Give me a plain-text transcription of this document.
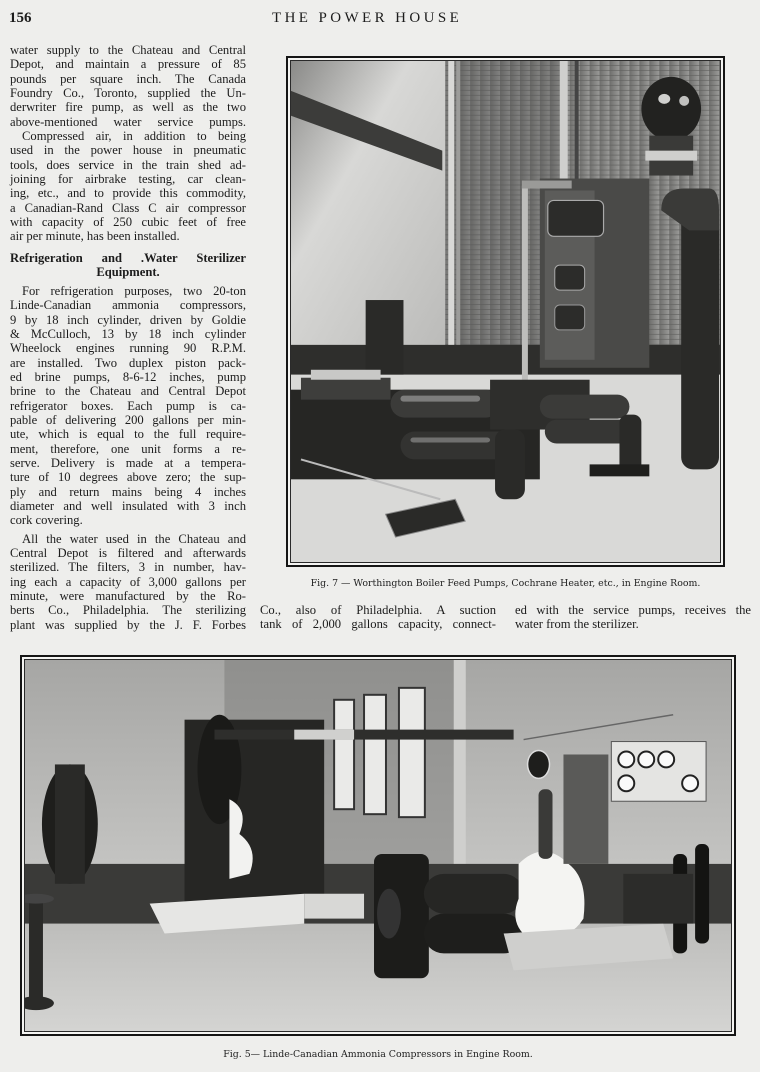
156	THE POWER HOUSE
water supply to the Chateau and Central
Depot, and maintain a pressure of 85
pounds per square inch. The Canada
Foundry Co., Toronto, supplied the Un-
derwriter fire pump, as well as the two
above-mentioned water service pumps.
Compressed air, in addition to being
used in the power house in pneumatic
tools, does service in the train shed ad-
joining for airbrake testing, car clean-
ing, etc., and to provide this commodity,
a Canadian-Rand Class C air compressor
with capacity of 250 cubic feet of free
air per minute, has been installed.
Refrigeration and .Water Sterilizer
Equipment.
For refrigeration purposes, two 20-ton
Linde-Canadian ammonia compressors,
9 by 18 inch cylinder, driven by Goldie
& McCulloch, 13 by 18 inch cylinder
Wheelock engines running 90 R.P.M.
are installed. Two duplex piston pack-
ed brine pumps, 8-6-12 inches, pump
brine to the Chateau and Central Depot
refrigerator boxes. Each pump is ca-
pable of delivering 200 gallons per min-
ute, which is equal to the full require-
ment, therefore, one unit forms a re-
serve. Delivery is made at a tempera-
ture of 10 degrees above zero; the sup-
ply and return mains being 4 inches
diameter and well insulated with 3 inch
cork covering.
All the water used in the Chateau and
Central Depot is filtered and afterwards
sterilized. The filters, 3 in number, hav-
ing each a capacity of 3,000 gallons per
minute, were manufactured by the Ro-
berts Co., Philadelphia. The sterilizing
plant was supplied by the J. F. Forbes
Co., also of Philadelphia. A suction
tank of 2,000 gallons capacity, connect-
ed with the service pumps, receives the
water from the sterilizer.
Fig. 7 — Worthington Boiler Feed Pumps, Cochrane Heater, etc., in Engine Room.
Fig. 5— Linde-Canadian Ammonia Compressors in Engine Room.
